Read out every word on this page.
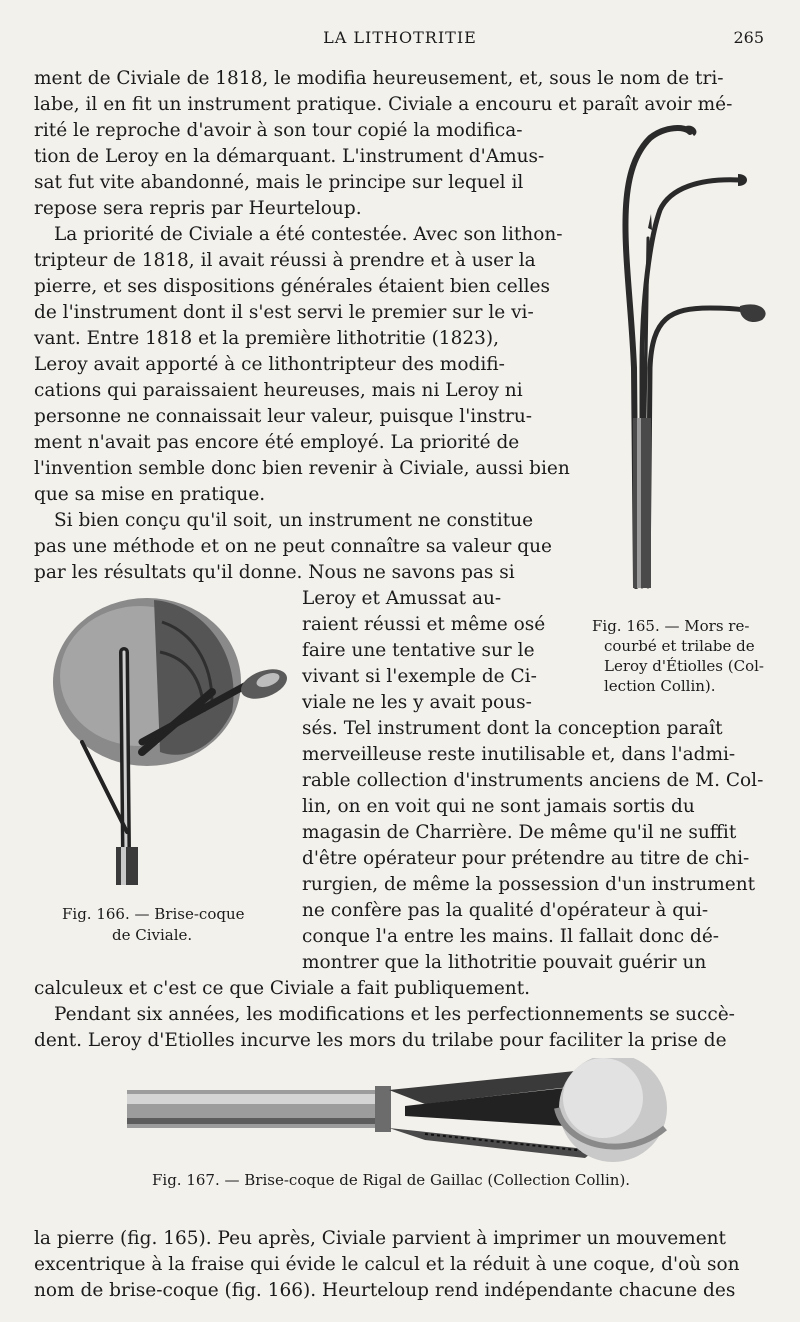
LA LITHOTRITIE	265
ment de Civiale de 1818, le modifia heureusement, et, sous le nom de tri-
labe, il en fit un instrument pratique. Civiale a encouru et paraît avoir mé-
rité le reproche d'avoir à son tour copié la modifica-
tion de Leroy en la démarquant. L'instrument d'Amus-
sat fut vite abandonné, mais le principe sur lequel il
repose sera repris par Heurteloup.
La priorité de Civiale a été contestée. Avec son lithon-
tripteur de 1818, il avait réussi à prendre et à user la
pierre, et ses dispositions générales étaient bien celles
de l'instrument dont il s'est servi le premier sur le vi-
vant. Entre 1818 et la première lithotritie (1823),
Leroy avait apporté à ce lithontripteur des modifi-
cations qui paraissaient heureuses, mais ni Leroy ni
personne ne connaissait leur valeur, puisque l'instru-
ment n'avait pas encore été employé. La priorité de
l'invention semble donc bien revenir à Civiale, aussi bien
que sa mise en pratique.
Si bien conçu qu'il soit, un instrument ne constitue
pas une méthode et on ne peut connaître sa valeur que
par les résultats qu'il donne. Nous ne savons pas si
Leroy et Amussat au-
raient réussi et même osé
faire une tentative sur le
vivant si l'exemple de Ci-
viale ne les y avait pous-
sés. Tel instrument dont la conception paraît
merveilleuse reste inutilisable et, dans l'admi-
rable collection d'instruments anciens de M. Col-
lin, on en voit qui ne sont jamais sortis du
magasin de Charrière. De même qu'il ne suffit
d'être opérateur pour prétendre au titre de chi-
rurgien, de même la possession d'un instrument
ne confère pas la qualité d'opérateur à qui-
conque l'a entre les mains. Il fallait donc dé-
montrer que la lithotritie pouvait guérir un
calculeux et c'est ce que Civiale a fait publiquement.
Pendant six années, les modifications et les perfectionnements se succè-
dent. Leroy d'Etiolles incurve les mors du trilabe pour faciliter la prise de
la pierre (fig. 165). Peu après, Civiale parvient à imprimer un mouvement
excentrique à la fraise qui évide le calcul et la réduit à une coque, d'où son
nom de brise-coque (fig. 166). Heurteloup rend indépendante chacune des
Fig. 165. — Mors re-
courbé et trilabe de
Leroy d'Étiolles (Col-
lection Collin).
Fig. 166. — Brise-coque
de Civiale.
Fig. 167. — Brise-coque de Rigal de Gaillac (Collection Collin).
